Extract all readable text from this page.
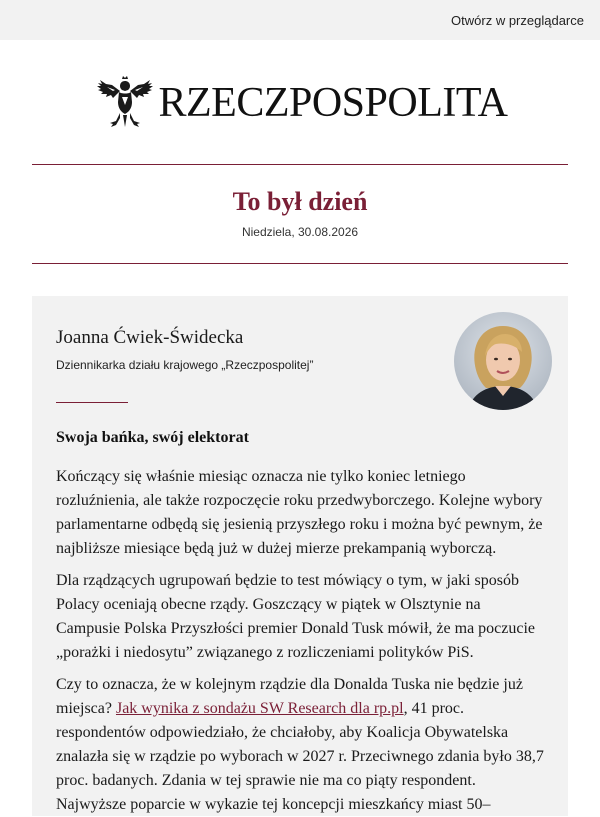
Otwórz w przeglądarce
RZECZPOSPOLITA
To był dzień
Niedziela, 30.08.2026
Joanna Ćwiek-Świdecka
Dziennikarka działu krajowego „Rzeczpospolitej”
Swoja bańka, swój elektorat

Kończący się właśnie miesiąc oznacza nie tylko koniec letniego rozluźnienia, ale także rozpoczęcie roku przedwyborczego. Kolejne wybory parlamentarne odbędą się jesienią przyszłego roku i można być pewnym, że najbliższe miesiące będą już w dużej mierze prekampanią wyborczą.

Dla rządzących ugrupowań będzie to test mówiący o tym, w jaki sposób Polacy oceniają obecne rządy. Goszczący w piątek w Olsztynie na Campusie Polska Przyszłości premier Donald Tusk mówił, że ma poczucie „porażki i niedosytu” związanego z rozliczeniami polityków PiS.

Czy to oznacza, że w kolejnym rządzie dla Donalda Tuska nie będzie już miejsca? Jak wynika z sondażu SW Research dla rp.pl, 41 proc. respondentów odpowiedziało, że chciałoby, aby Koalicja Obywatelska znalazła się w rządzie po wyborach w 2027 r. Przeciwnego zdania było 38,7 proc. badanych. Zdania w tej sprawie nie ma co piąty respondent.

Najwyższe poparcie w wykazie tej koncepcji mieszkańcy miast 50–
